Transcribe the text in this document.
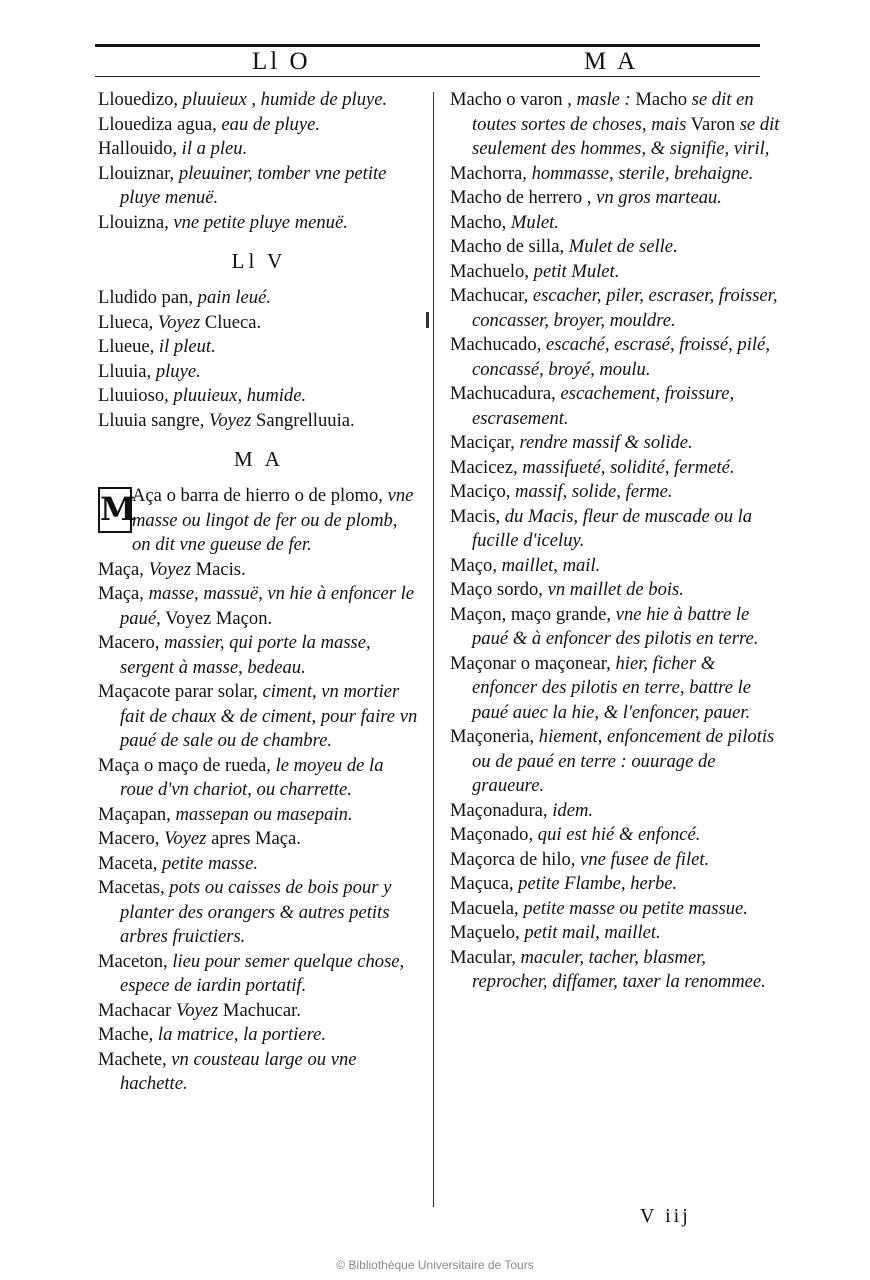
Ll O	M A

Llouedizo, pluuieux , humide de pluye.

Llouediza agua, eau de pluye.

Hallouido, il a pleu.

Llouiznar, pleuuiner, tomber vne petite pluye menuë.

Llouizna, vne petite pluye menuë.

Ll V

Lludido pan, pain leué.

Llueca, Voyez Clueca.

Llueue, il pleut.

Lluuia, pluye.

Lluuioso, pluuieux, humide.

Lluuia sangre, Voyez Sangrelluuia.

M A

M
Aça o barra de hierro o de plomo, vne masse ou lingot de fer ou de plomb, on dit vne gueuse de fer.

Maça, Voyez Macis.

Maça, masse, massuë, vn hie à enfoncer le paué, Voyez Maçon.

Macero, massier, qui porte la masse, sergent à masse, bedeau.

Maçacote parar solar, ciment, vn mortier fait de chaux & de ciment, pour faire vn paué de sale ou de chambre.

Maça o maço de rueda, le moyeu de la roue d'vn chariot, ou charrette.

Maçapan, massepan ou masepain.

Macero, Voyez apres Maça.

Maceta, petite masse.

Macetas, pots ou caisses de bois pour y planter des orangers & autres petits arbres fruictiers.

Maceton, lieu pour semer quelque chose, espece de iardin portatif.

Machacar Voyez Machucar.

Mache, la matrice, la portiere.

Machete, vn cousteau large ou vne hachette.

Macho o varon , masle : Macho se dit en toutes sortes de choses, mais Varon se dit seulement des hommes, & signifie, viril,

Machorra, hommasse, sterile, brehaigne.

Macho de herrero , vn gros marteau.

Macho, Mulet.

Macho de silla, Mulet de selle.

Machuelo, petit Mulet.

Machucar, escacher, piler, escraser, froisser, concasser, broyer, mouldre.

Machucado, escaché, escrasé, froissé, pilé, concassé, broyé, moulu.

Machucadura, escachement, froissure, escrasement.

Maciçar, rendre massif & solide.

Macicez, massifueté, solidité, fermeté.

Maciço, massif, solide, ferme.

Macis, du Macis, fleur de muscade ou la fucille d'iceluy.

Maço, maillet, mail.

Maço sordo, vn maillet de bois.

Maçon, maço grande, vne hie à battre le paué & à enfoncer des pilotis en terre.

Maçonar o maçonear, hier, ficher & enfoncer des pilotis en terre, battre le paué auec la hie, & l'enfoncer, pauer.

Maçoneria, hiement, enfoncement de pilotis ou de paué en terre : ouurage de graueure.

Maçonadura, idem.

Maçonado, qui est hié & enfoncé.

Maçorca de hilo, vne fusee de filet.

Maçuca, petite Flambe, herbe.

Macuela, petite masse ou petite massue.

Maçuelo, petit mail, maillet.

Macular, maculer, tacher, blasmer, reprocher, diffamer, taxer la renommee.

V iij
© Bibliothèque Universitaire de Tours
